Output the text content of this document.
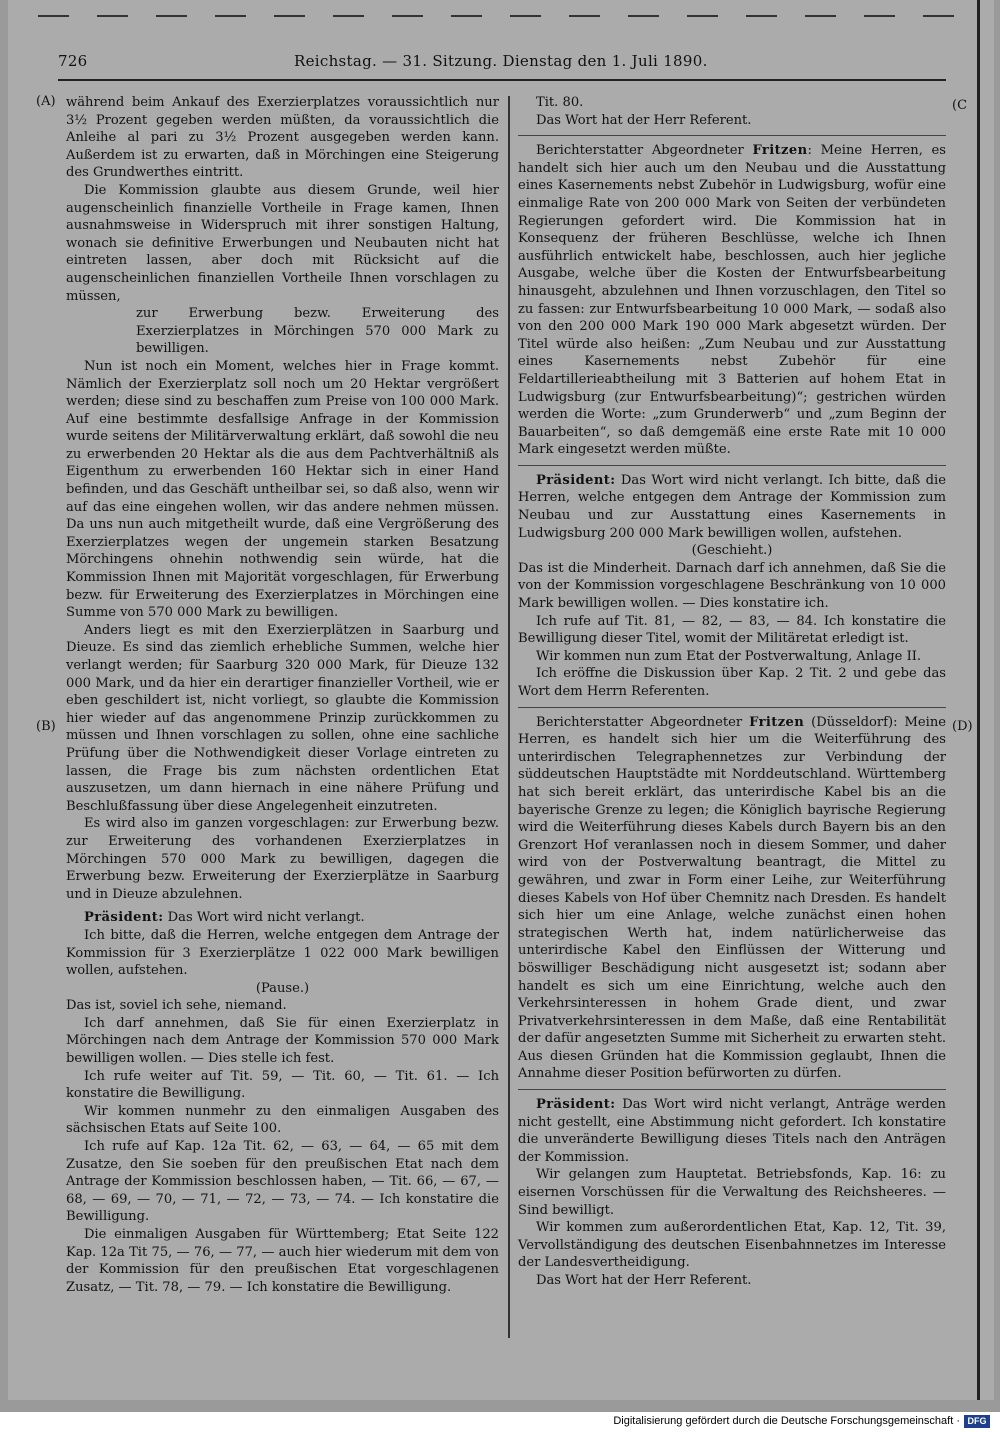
726	Reichstag. — 31. Sitzung. Dienstag den 1. Juli 1890.
(A)
(B)
(C
(D)

während beim Ankauf des Exerzierplatzes voraussichtlich nur 3½ Prozent gegeben werden müßten, da voraussichtlich die Anleihe al pari zu 3½ Prozent ausgegeben werden kann. Außerdem ist zu erwarten, daß in Mörchingen eine Steigerung des Grundwerthes eintritt.

Die Kommission glaubte aus diesem Grunde, weil hier augenscheinlich finanzielle Vortheile in Frage kamen, Ihnen ausnahmsweise in Widerspruch mit ihrer sonstigen Haltung, wonach sie definitive Erwerbungen und Neubauten nicht hat eintreten lassen, aber doch mit Rücksicht auf die augenscheinlichen finanziellen Vortheile Ihnen vorschlagen zu müssen,

zur Erwerbung bezw. Erweiterung des Exerzierplatzes in Mörchingen 570 000 Mark zu bewilligen.

Nun ist noch ein Moment, welches hier in Frage kommt. Nämlich der Exerzierplatz soll noch um 20 Hektar vergrößert werden; diese sind zu beschaffen zum Preise von 100 000 Mark. Auf eine bestimmte desfallsige Anfrage in der Kommission wurde seitens der Militärverwaltung erklärt, daß sowohl die neu zu erwerbenden 20 Hektar als die aus dem Pachtverhältniß als Eigenthum zu erwerbenden 160 Hektar sich in einer Hand befinden, und das Geschäft untheilbar sei, so daß also, wenn wir auf das eine eingehen wollen, wir das andere nehmen müssen. Da uns nun auch mitgetheilt wurde, daß eine Vergrößerung des Exerzierplatzes wegen der ungemein starken Besatzung Mörchingens ohnehin nothwendig sein würde, hat die Kommission Ihnen mit Majorität vorgeschlagen, für Erwerbung bezw. für Erweiterung des Exerzierplatzes in Mörchingen eine Summe von 570 000 Mark zu bewilligen.

Anders liegt es mit den Exerzierplätzen in Saarburg und Dieuze. Es sind das ziemlich erhebliche Summen, welche hier verlangt werden; für Saarburg 320 000 Mark, für Dieuze 132 000 Mark, und da hier ein derartiger finanzieller Vortheil, wie er eben geschildert ist, nicht vorliegt, so glaubte die Kommission hier wieder auf das angenommene Prinzip zurückkommen zu müssen und Ihnen vorschlagen zu sollen, ohne eine sachliche Prüfung über die Nothwendigkeit dieser Vorlage eintreten zu lassen, die Frage bis zum nächsten ordentlichen Etat auszusetzen, um dann hiernach in eine nähere Prüfung und Beschlußfassung über diese Angelegenheit einzutreten.

Es wird also im ganzen vorgeschlagen: zur Erwerbung bezw. zur Erweiterung des vorhandenen Exerzierplatzes in Mörchingen 570 000 Mark zu bewilligen, dagegen die Erwerbung bezw. Erweiterung der Exerzierplätze in Saarburg und in Dieuze abzulehnen.

Präsident: Das Wort wird nicht verlangt.

Ich bitte, daß die Herren, welche entgegen dem Antrage der Kommission für 3 Exerzierplätze 1 022 000 Mark bewilligen wollen, aufstehen.

(Pause.)

Das ist, soviel ich sehe, niemand.

Ich darf annehmen, daß Sie für einen Exerzierplatz in Mörchingen nach dem Antrage der Kommission 570 000 Mark bewilligen wollen. — Dies stelle ich fest.

Ich rufe weiter auf Tit. 59, — Tit. 60, — Tit. 61. — Ich konstatire die Bewilligung.

Wir kommen nunmehr zu den einmaligen Ausgaben des sächsischen Etats auf Seite 100.

Ich rufe auf Kap. 12a Tit. 62, — 63, — 64, — 65 mit dem Zusatze, den Sie soeben für den preußischen Etat nach dem Antrage der Kommission beschlossen haben, — Tit. 66, — 67, — 68, — 69, — 70, — 71, — 72, — 73, — 74. — Ich konstatire die Bewilligung.

Die einmaligen Ausgaben für Württemberg; Etat Seite 122 Kap. 12a Tit 75, — 76, — 77, — auch hier wiederum mit dem von der Kommission für den preußischen Etat vorgeschlagenen Zusatz, — Tit. 78, — 79. — Ich konstatire die Bewilligung.

Tit. 80.

Das Wort hat der Herr Referent.

Berichterstatter Abgeordneter Fritzen: Meine Herren, es handelt sich hier auch um den Neubau und die Ausstattung eines Kasernements nebst Zubehör in Ludwigsburg, wofür eine einmalige Rate von 200 000 Mark von Seiten der verbündeten Regierungen gefordert wird. Die Kommission hat in Konsequenz der früheren Beschlüsse, welche ich Ihnen ausführlich entwickelt habe, beschlossen, auch hier jegliche Ausgabe, welche über die Kosten der Entwurfsbearbeitung hinausgeht, abzulehnen und Ihnen vorzuschlagen, den Titel so zu fassen: zur Entwurfsbearbeitung 10 000 Mark, — sodaß also von den 200 000 Mark 190 000 Mark abgesetzt würden. Der Titel würde also heißen: „Zum Neubau und zur Ausstattung eines Kasernements nebst Zubehör für eine Feldartillerieabtheilung mit 3 Batterien auf hohem Etat in Ludwigsburg (zur Entwurfsbearbeitung)“; gestrichen würden werden die Worte: „zum Grunderwerb“ und „zum Beginn der Bauarbeiten“, so daß demgemäß eine erste Rate mit 10 000 Mark eingesetzt werden müßte.

Präsident: Das Wort wird nicht verlangt. Ich bitte, daß die Herren, welche entgegen dem Antrage der Kommission zum Neubau und zur Ausstattung eines Kasernements in Ludwigsburg 200 000 Mark bewilligen wollen, aufstehen.

(Geschieht.)

Das ist die Minderheit. Darnach darf ich annehmen, daß Sie die von der Kommission vorgeschlagene Beschränkung von 10 000 Mark bewilligen wollen. — Dies konstatire ich.

Ich rufe auf Tit. 81, — 82, — 83, — 84. Ich konstatire die Bewilligung dieser Titel, womit der Militäretat erledigt ist.

Wir kommen nun zum Etat der Postverwaltung, Anlage II.

Ich eröffne die Diskussion über Kap. 2 Tit. 2 und gebe das Wort dem Herrn Referenten.

Berichterstatter Abgeordneter Fritzen (Düsseldorf): Meine Herren, es handelt sich hier um die Weiterführung des unterirdischen Telegraphennetzes zur Verbindung der süddeutschen Hauptstädte mit Norddeutschland. Württemberg hat sich bereit erklärt, das unterirdische Kabel bis an die bayerische Grenze zu legen; die Königlich bayrische Regierung wird die Weiterführung dieses Kabels durch Bayern bis an den Grenzort Hof veranlassen noch in diesem Sommer, und daher wird von der Postverwaltung beantragt, die Mittel zu gewähren, und zwar in Form einer Leihe, zur Weiterführung dieses Kabels von Hof über Chemnitz nach Dresden. Es handelt sich hier um eine Anlage, welche zunächst einen hohen strategischen Werth hat, indem natürlicherweise das unterirdische Kabel den Einflüssen der Witterung und böswilliger Beschädigung nicht ausgesetzt ist; sodann aber handelt es sich um eine Einrichtung, welche auch den Verkehrsinteressen in hohem Grade dient, und zwar Privatverkehrsinteressen in dem Maße, daß eine Rentabilität der dafür angesetzten Summe mit Sicherheit zu erwarten steht. Aus diesen Gründen hat die Kommission geglaubt, Ihnen die Annahme dieser Position befürworten zu dürfen.

Präsident: Das Wort wird nicht verlangt, Anträge werden nicht gestellt, eine Abstimmung nicht gefordert. Ich konstatire die unveränderte Bewilligung dieses Titels nach den Anträgen der Kommission.

Wir gelangen zum Hauptetat. Betriebsfonds, Kap. 16: zu eisernen Vorschüssen für die Verwaltung des Reichsheeres. — Sind bewilligt.

Wir kommen zum außerordentlichen Etat, Kap. 12, Tit. 39, Vervollständigung des deutschen Eisenbahnnetzes im Interesse der Landesvertheidigung.

Das Wort hat der Herr Referent.

Digitalisierung gefördert durch die Deutsche Forschungsgemeinschaft · DFG
